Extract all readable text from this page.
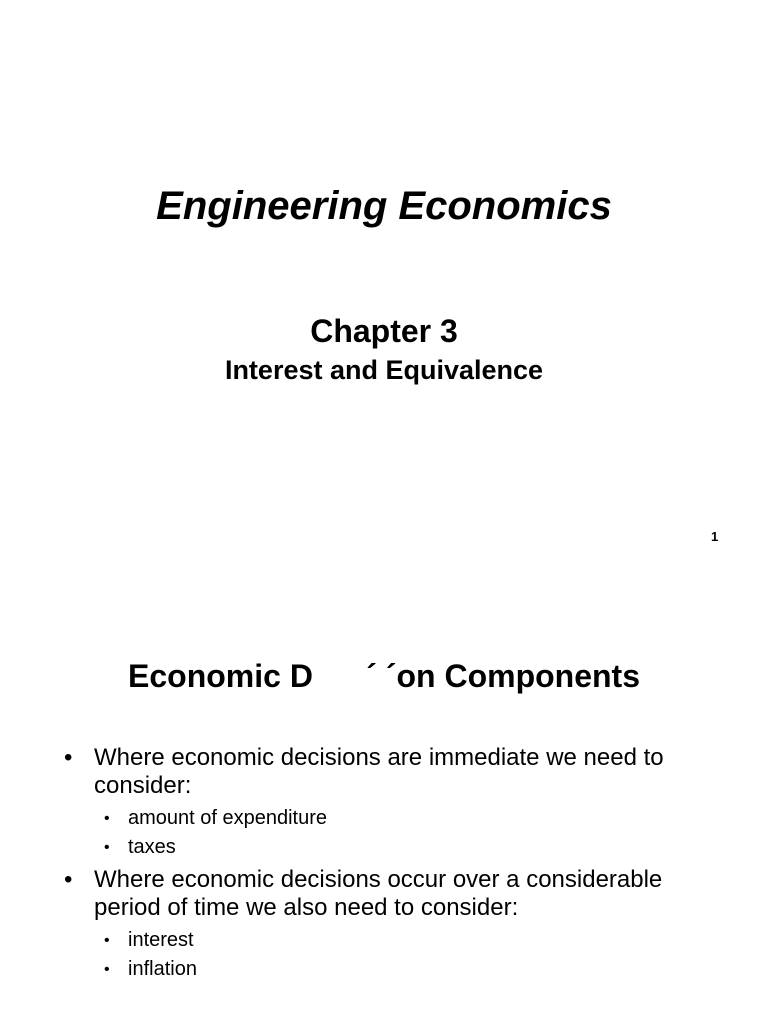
Engineering Economics
Chapter 3
Interest and Equivalence
1
Economic D      ´ ´on Components
• Where economic decisions are immediate we need to consider:
• amount of expenditure
• taxes
• Where economic decisions occur over a considerable period of time we also need to consider:
• interest
• inflation
